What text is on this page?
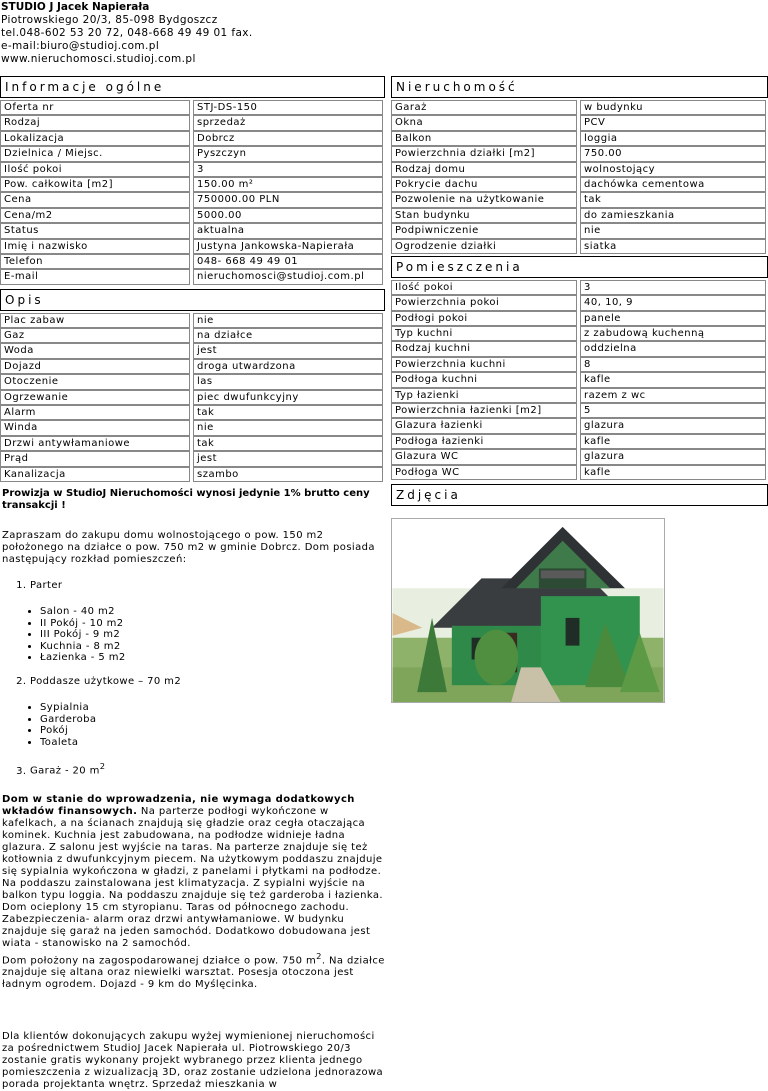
STUDIO J Jacek Napierała
Piotrowskiego 20/3, 85-098 Bydgoszcz
tel.048-602 53 20 72, 048-668 49 49 01 fax.
e-mail:biuro@studioj.com.pl
www.nieruchomosci.studioj.com.pl
Informacje ogólne
Oferta nr	STJ-DS-150
Rodzaj	sprzedaż
Lokalizacja	Dobrcz
Dzielnica / Miejsc.	Pyszczyn
Ilość pokoi	3
Pow. całkowita [m2]	150.00 m²
Cena	750000.00 PLN
Cena/m2	5000.00
Status	aktualna
Imię i nazwisko	Justyna Jankowska-Napierała
Telefon	048- 668 49 49 01
E-mail	nieruchomosci@studioj.com.pl
Opis
Plac zabaw	nie
Gaz	na działce
Woda	jest
Dojazd	droga utwardzona
Otoczenie	las
Ogrzewanie	piec dwufunkcyjny
Alarm	tak
Winda	nie
Drzwi antywłamaniowe	tak
Prąd	jest
Kanalizacja	szambo
Prowizja w StudioJ Nieruchomości wynosi jedynie 1% brutto ceny transakcji !
Zapraszam do zakupu domu wolnostojącego o pow. 150 m2 położonego na działce o pow. 750 m2 w gminie Dobrcz. Dom posiada następujący rozkład pomieszczeń:
1. Parter
• Salon - 40 m2
• II Pokój - 10 m2
• III Pokój - 9 m2
• Kuchnia - 8 m2
• Łazienka - 5 m2
2. Poddasze użytkowe – 70 m2
• Sypialnia
• Garderoba
• Pokój
• Toaleta
3. Garaż - 20 $m^2$

Dom w stanie do wprowadzenia, nie wymaga dodatkowych wkładów finansowych. Na parterze podłogi wykończone w kafelkach, a na ścianach znajdują się gładzie oraz cegła otaczająca kominek. Kuchnia jest zabudowana, na podłodze widnieje ładna glazura. Z salonu jest wyjście na taras. Na parterze znajduje się też kotłownia z dwufunkcyjnym piecem. Na użytkowym poddaszu znajduje się sypialnia wykończona w gładzi, z panelami i płytkami na podłodze. Na poddaszu zainstalowana jest klimatyzacja. Z sypialni wyjście na balkon typu loggia. Na poddaszu znajduje się też garderoba i łazienka.

Dom ocieplony 15 cm styropianu. Taras od północnego zachodu. Zabezpieczenia- alarm oraz drzwi antywłamaniowe. W budynku znajduje się garaż na jeden samochód. Dodatkowo dobudowana jest wiata - stanowisko na 2 samochód.

Dom położony na zagospodarowanej działce o pow. 750 $m^2$. Na działce znajduje się altana oraz niewielki warsztat. Posesja otoczona jest ładnym ogrodem. Dojazd - 9 km do Myślęcinka.

Dla klientów dokonujących zakupu wyżej wymienionej nieruchomości za pośrednictwem StudioJ Jacek Napierała ul. Piotrowskiego 20/3 zostanie gratis wykonany projekt wybranego przez klienta jednego pomieszczenia z wizualizacją 3D, oraz zostanie udzielona jednorazowa porada projektanta wnętrz. Sprzedaż mieszkania w

Nieruchomość
Garaż	w budynku
Okna	PCV
Balkon	loggia
Powierzchnia działki [m2]	750.00
Rodzaj domu	wolnostojący
Pokrycie dachu	dachówka cementowa
Pozwolenie na użytkowanie	tak
Stan budynku	do zamieszkania
Podpiwniczenie	nie
Ogrodzenie działki	siatka
Pomieszczenia
Ilość pokoi	3
Powierzchnia pokoi	40, 10, 9
Podłogi pokoi	panele
Typ kuchni	z zabudową kuchenną
Rodzaj kuchni	oddzielna
Powierzchnia kuchni	8
Podłoga kuchni	kafle
Typ łazienki	razem z wc
Powierzchnia łazienki [m2]	5
Glazura łazienki	glazura
Podłoga łazienki	kafle
Glazura WC	glazura
Podłoga WC	kafle
Zdjęcia
